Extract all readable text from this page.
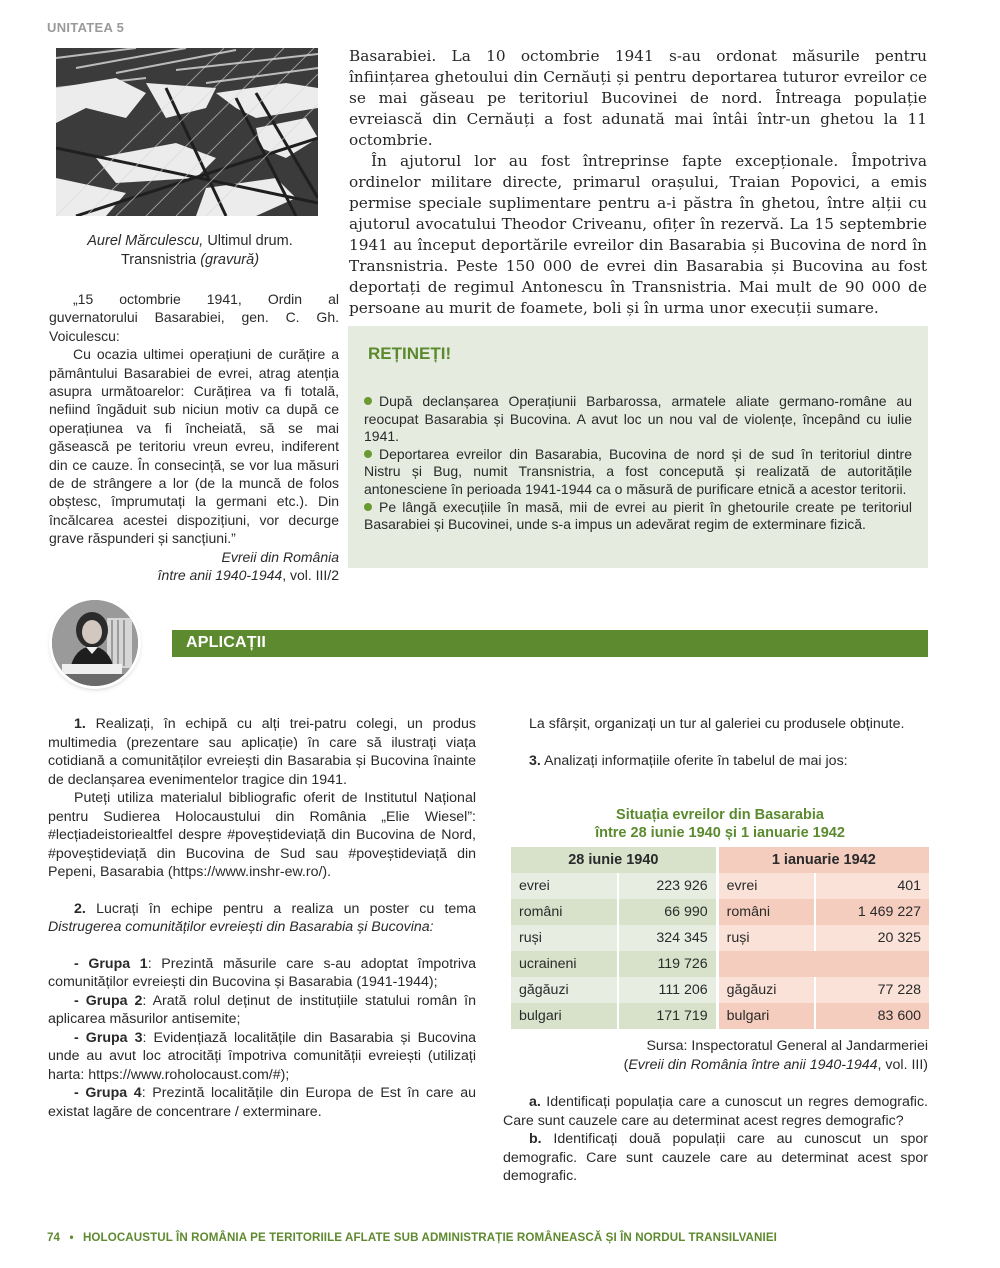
UNITATEA 5
Aurel Mărculescu, Ultimul drum.
Transnistria (gravură)

„15 octombrie 1941, Ordin al guvernatorului Basarabiei, gen. C. Gh. Voiculescu:

Cu ocazia ultimei operațiuni de curățire a pământului Basarabiei de evrei, atrag atenția asupra următoarelor: Curățirea va fi totală, nefiind îngăduit sub niciun motiv ca după ce operațiunea va fi încheiată, să se mai găsească pe teritoriu vreun evreu, indiferent din ce cauze. În consecință, se vor lua măsuri de de strângere a lor (de la muncă de folos obștesc, împrumutați la germani etc.). Din încălcarea acestei dispozițiuni, vor decurge grave răspunderi și sancțiuni.”

Evreii din România
între anii 1940-1944, vol. III/2

Basarabiei. La 10 octombrie 1941 s-au ordonat măsurile pentru înființarea ghetoului din Cernăuți și pentru deportarea tuturor evreilor ce se mai găseau pe teritoriul Bucovinei de nord. Întreaga populație evreiască din Cernăuți a fost adunată mai întâi într-un ghetou la 11 octombrie.

În ajutorul lor au fost întreprinse fapte excepționale. Împotriva ordinelor militare directe, primarul orașului, Traian Popovici, a emis permise speciale suplimentare pentru a-i păstra în ghetou, între alții cu ajutorul avocatului Theodor Criveanu, ofițer în rezervă. La 15 septembrie 1941 au început deportările evreilor din Basarabia și Bucovina de nord în Transnistria. Peste 150 000 de evrei din Basarabia și Bucovina au fost deportați de regimul Antonescu în Transnistria. Mai mult de 90 000 de persoane au murit de foamete, boli și în urma unor execuții sumare.

REȚINEȚI!
După declanșarea Operațiunii Barbarossa, armatele aliate germano-române au reocupat Basarabia și Bucovina. A avut loc un nou val de violențe, începând cu iulie 1941.
Deportarea evreilor din Basarabia, Bucovina de nord și de sud în teritoriul dintre Nistru și Bug, numit Transnistria, a fost concepută și realizată de autoritățile antonesciene în perioada 1941-1944 ca o măsură de purificare etnică a acestor teritorii.
Pe lângă execuțiile în masă, mii de evrei au pierit în ghetourile create pe teritoriul Basarabiei și Bucovinei, unde s-a impus un adevărat regim de exterminare fizică.
APLICAȚII

1. Realizați, în echipă cu alți trei-patru colegi, un produs multimedia (prezentare sau aplicație) în care să ilustrați viața cotidiană a comunităților evreiești din Basarabia și Bucovina înainte de declanșarea evenimentelor tragice din 1941.

Puteți utiliza materialul bibliografic oferit de Institutul Național pentru Sudierea Holocaustului din România „Elie Wiesel”: #lecțiadeistoriealtfel despre #poveștideviață din Bucovina de Nord, #poveștideviață din Bucovina de Sud sau #poveștideviață din Pepeni, Basarabia (https://www.inshr-ew.ro/).

2. Lucrați în echipe pentru a realiza un poster cu tema Distrugerea comunităților evreiești din Basarabia și Bucovina:

- Grupa 1: Prezintă măsurile care s-au adoptat împotriva comunităților evreiești din Bucovina și Basarabia (1941-1944);

- Grupa 2: Arată rolul deținut de instituțiile statului român în aplicarea măsurilor antisemite;

- Grupa 3: Evidențiază localitățile din Basarabia și Bucovina unde au avut loc atrocități împotriva comunității evreiești (utilizați harta: https://www.roholocaust.com/#);

- Grupa 4: Prezintă localitățile din Europa de Est în care au existat lagăre de concentrare / exterminare.

La sfârșit, organizați un tur al galeriei cu produsele obținute.

3. Analizați informațiile oferite în tabelul de mai jos:

Situația evreilor din Basarabia
între 28 iunie 1940 și 1 ianuarie 1942
28 iunie 1940		1 ianuarie 1942	
evrei	223 926	evrei	401
români	66 990	români	1 469 227
ruși	324 345	ruși	20 325
ucraineni	119 726		
găgăuzi	111 206	găgăuzi	77 228
bulgari	171 719	bulgari	83 600
Sursa: Inspectoratul General al Jandarmeriei
(Evreii din România între anii 1940-1944, vol. III)

a. Identificați populația care a cunoscut un regres demografic. Care sunt cauzele care au determinat acest regres demografic?

b. Identificați două populații care au cunoscut un spor demografic. Care sunt cauzele care au determinat acest spor demografic.

74 • HOLOCAUSTUL ÎN ROMÂNIA PE TERITORIILE AFLATE SUB ADMINISTRAȚIE ROMÂNEASCĂ ȘI ÎN NORDUL TRANSILVANIEI
